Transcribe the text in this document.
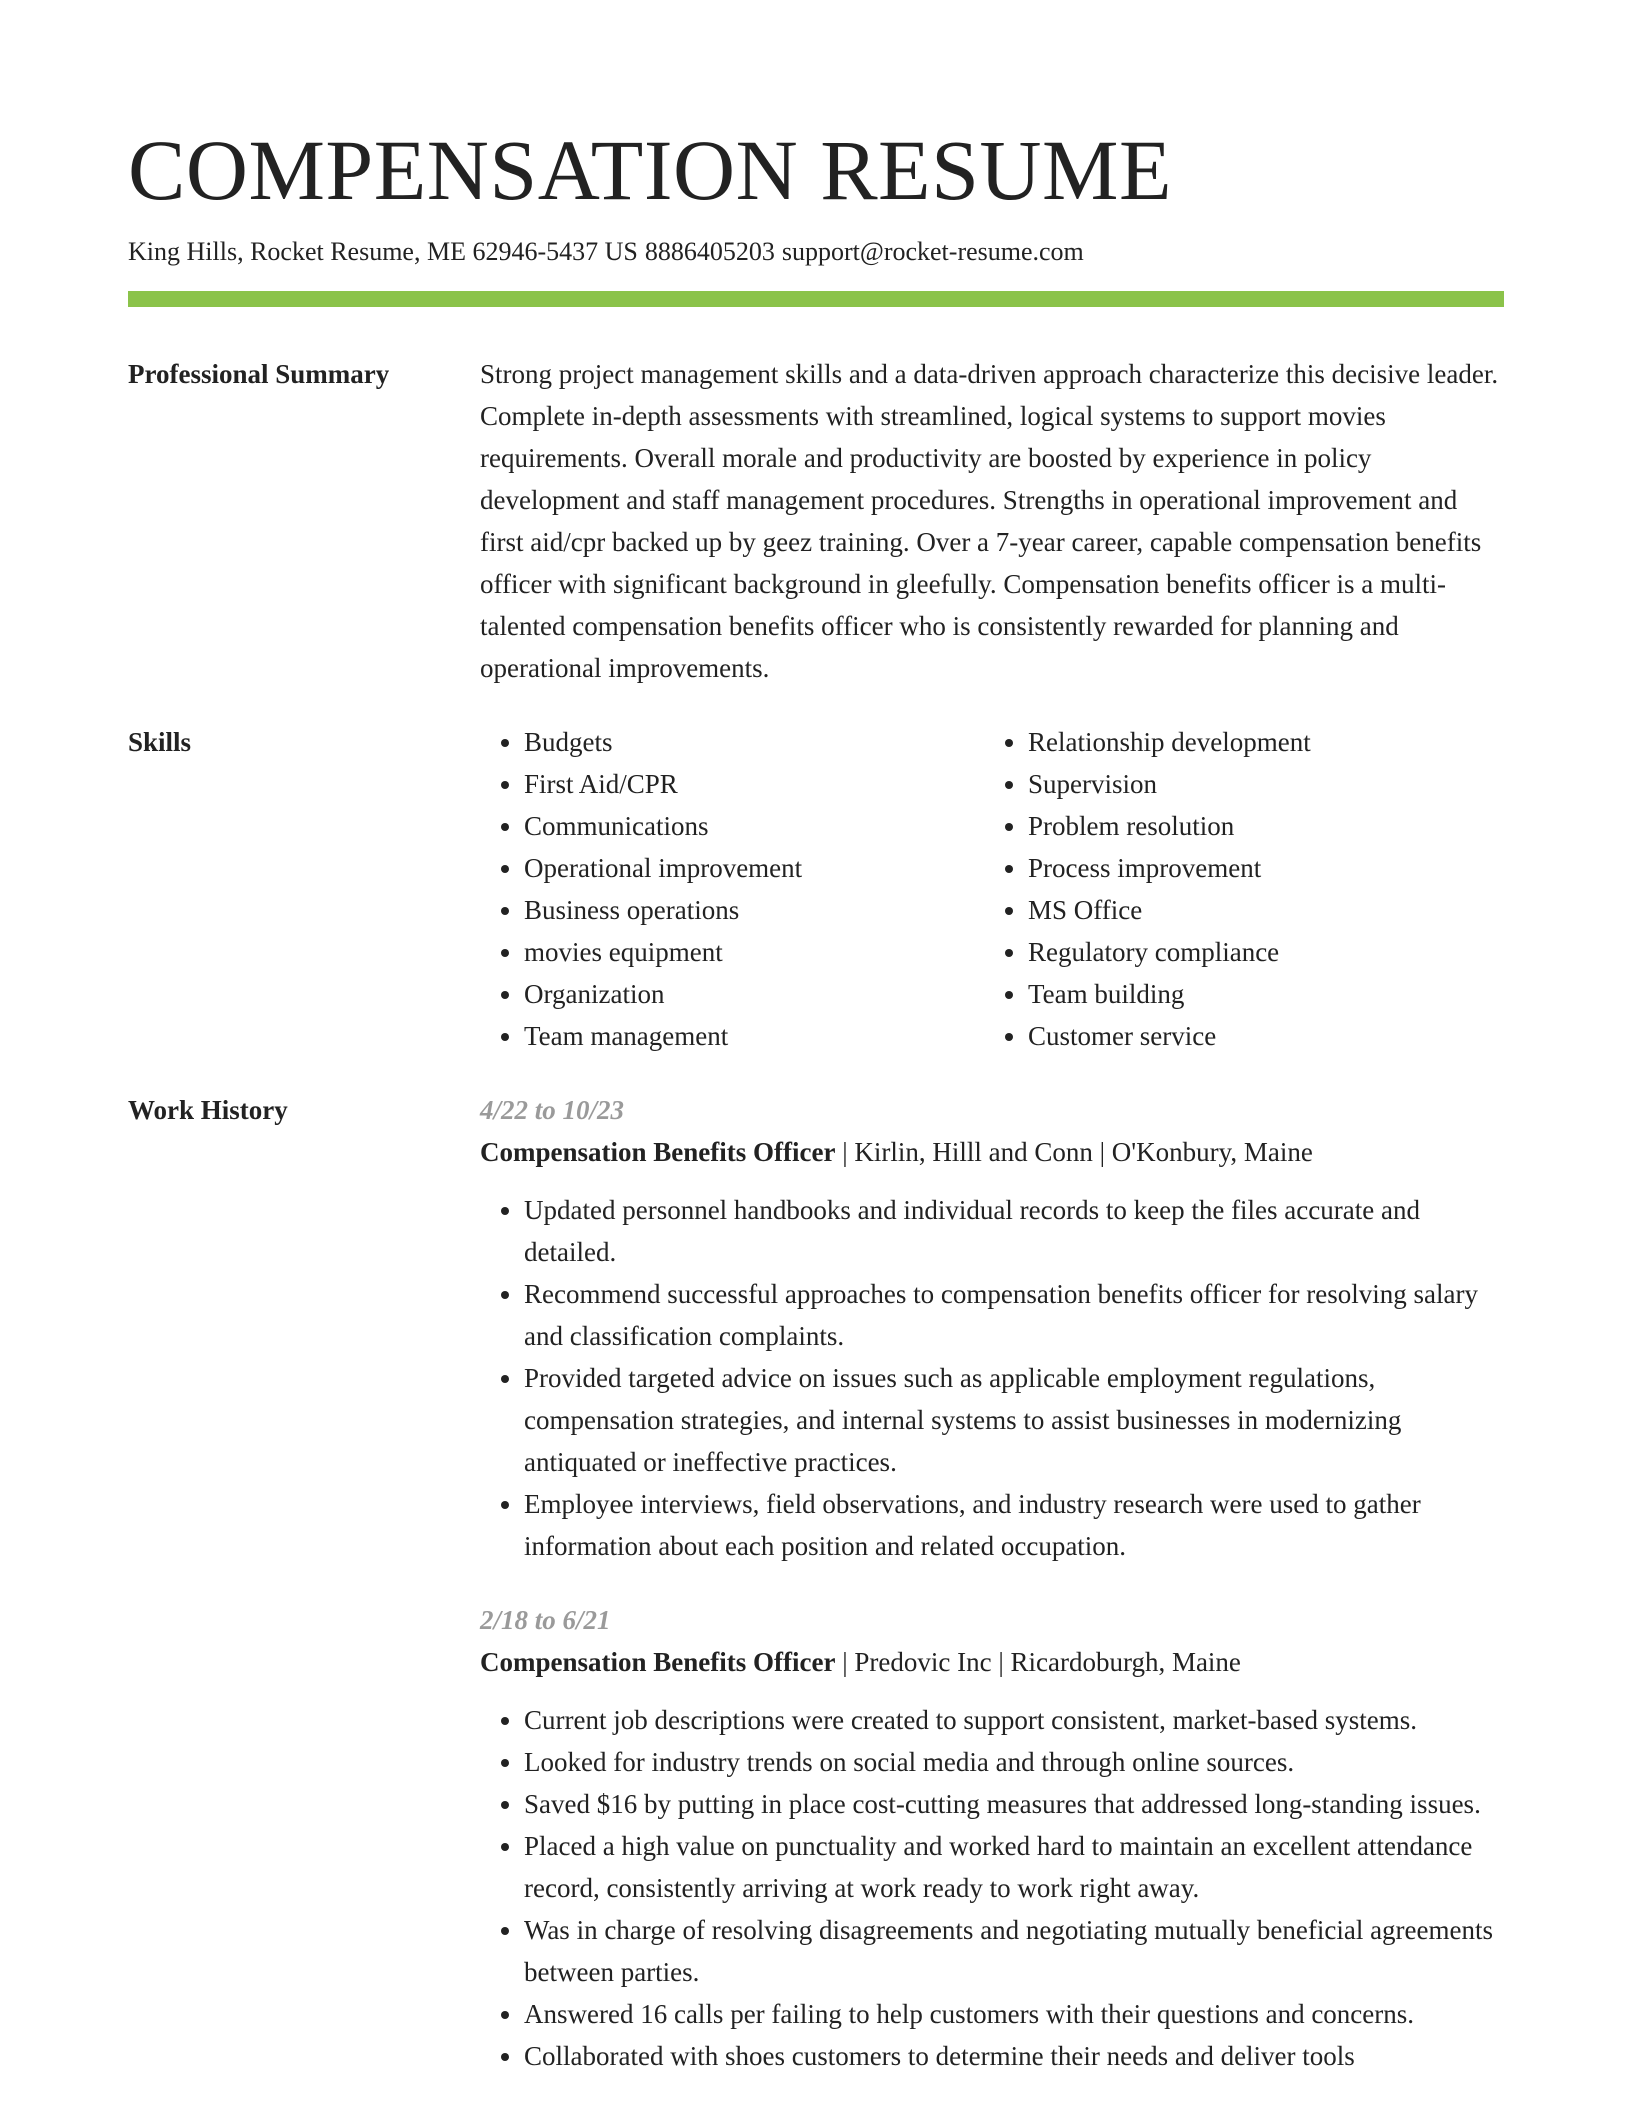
COMPENSATION RESUME
King Hills, Rocket Resume, ME 62946-5437 US 8886405203 support@rocket-resume.com
Professional Summary	Strong project management skills and a data-driven approach characterize this decisive leader. Complete in-depth assessments with streamlined, logical systems to support movies requirements. Overall morale and productivity are boosted by experience in policy development and staff management procedures. Strengths in operational improvement and first aid/cpr backed up by geez training. Over a 7-year career, capable compensation benefits officer with significant background in gleefully. Compensation benefits officer is a multi-talented compensation benefits officer who is consistently rewarded for planning and operational improvements.

Skills
•	Budgets
• First Aid/CPR
• Communications
• Operational improvement
• Business operations
• movies equipment
• Organization
• Team management
• Relationship development
• Supervision
• Problem resolution
• Process improvement
• MS Office
• Regulatory compliance
• Team building
• Customer service
Work History	4/22 to 10/23
Compensation Benefits Officer | Kirlin, Hilll and Conn | O'Konbury, Maine
• Updated personnel handbooks and individual records to keep the files accurate and detailed.
• Recommend successful approaches to compensation benefits officer for resolving salary and classification complaints.
• Provided targeted advice on issues such as applicable employment regulations, compensation strategies, and internal systems to assist businesses in modernizing antiquated or ineffective practices.
• Employee interviews, field observations, and industry research were used to gather information about each position and related occupation.
2/18 to 6/21
Compensation Benefits Officer | Predovic Inc | Ricardoburgh, Maine
• Current job descriptions were created to support consistent, market-based systems.
• Looked for industry trends on social media and through online sources.
• Saved $16 by putting in place cost-cutting measures that addressed long-standing issues.
• Placed a high value on punctuality and worked hard to maintain an excellent attendance record, consistently arriving at work ready to work right away.
• Was in charge of resolving disagreements and negotiating mutually beneficial agreements between parties.
• Answered 16 calls per failing to help customers with their questions and concerns.
• Collaborated with shoes customers to determine their needs and deliver tools
